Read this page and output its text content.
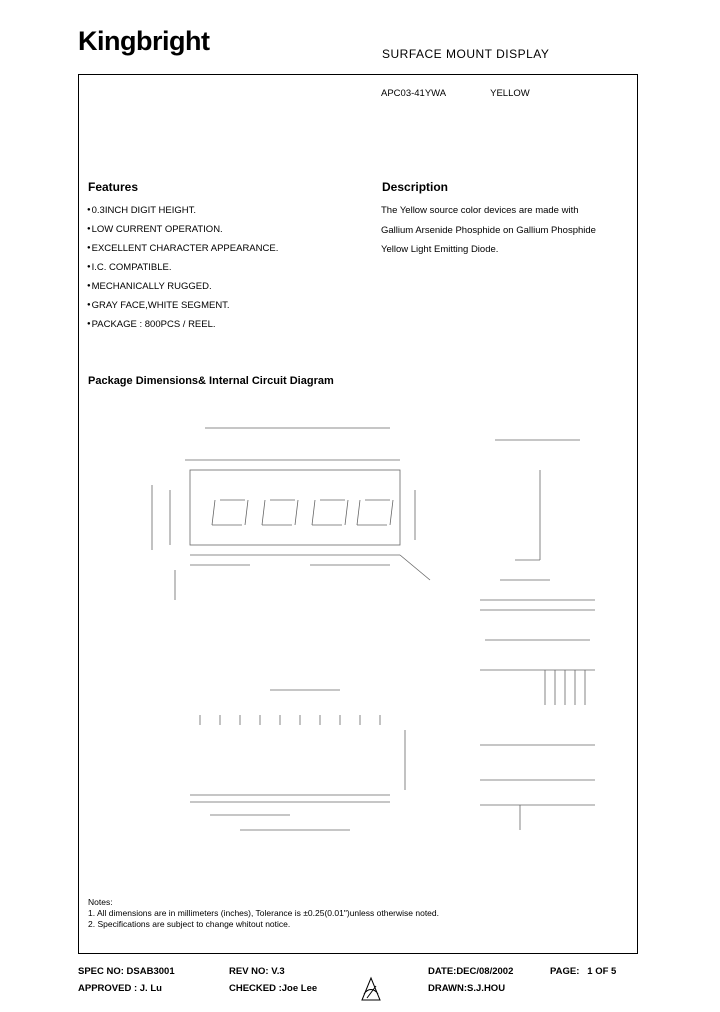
Kingbright	SURFACE MOUNT DISPLAY
APC03-41YWA	YELLOW
Features
● 0.3INCH DIGIT HEIGHT.
● LOW CURRENT OPERATION.
● EXCELLENT CHARACTER APPEARANCE.
● I.C. COMPATIBLE.
● MECHANICALLY RUGGED.
● GRAY FACE,WHITE SEGMENT.
● PACKAGE : 800PCS / REEL.
Description
The Yellow source color devices are made with
Gallium Arsenide Phosphide on Gallium Phosphide
Yellow Light Emitting Diode.
Package Dimensions& Internal Circuit Diagram
Notes:
1. All dimensions are in millimeters (inches), Tolerance is ±0.25(0.01")unless otherwise noted.
2. Specifications are subject to change whitout notice.
SPEC NO: DSAB3001	REV NO: V.3	DATE:DEC/08/2002	PAGE:   1 OF 5
APPROVED : J. Lu	CHECKED :Joe Lee	DRAWN:S.J.HOU
